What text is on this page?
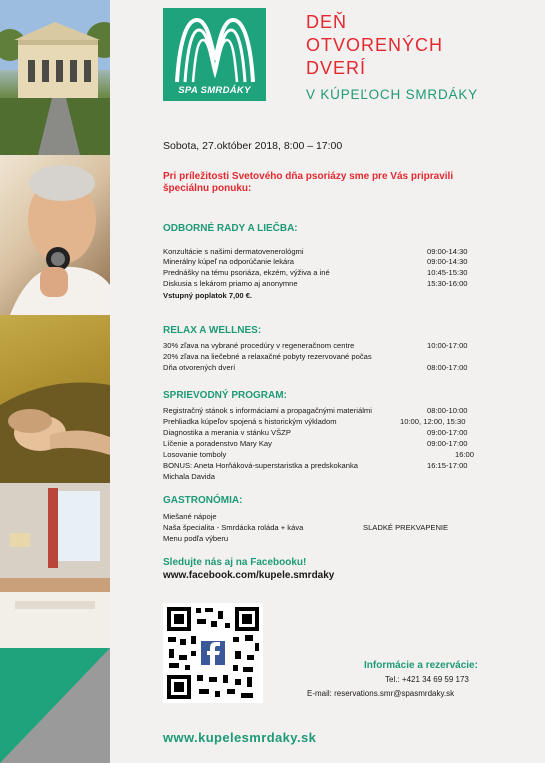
SPA SMRDÁKY
DEŇ
OTVORENÝCH
DVERÍ
V KÚPEĽOCH SMRDÁKY
Sobota, 27.október 2018, 8:00 – 17:00
Pri príležitosti Svetového dňa psoriázy sme pre Vás pripravili špeciálnu ponuku:
ODBORNÉ RADY A LIEČBA:
Konzultácie s našimi dermatovenerológmi	09:00-14:30
Minerálny kúpeľ na odporúčanie lekára	09:00-14:30
Prednášky na tému psoriáza, ekzém, výživa a iné	10:45-15:30
Diskusia s lekárom priamo aj anonymne	15:30-16:00
Vstupný poplatok 7,00 €.
RELAX A WELLNES:
30% zľava na vybrané procedúry v regeneračnom centre	10:00-17:00
20% zľava na liečebné a relaxačné pobyty rezervované počas
Dňa otvorených dverí	08:00-17:00
SPRIEVODNÝ PROGRAM:
Registračný stánok s informáciami a propagačnými materiálmi	08:00-10:00
Prehliadka kúpeľov spojená s historickým výkladom	10:00, 12:00, 15:30
Diagnostika a merania v stánku VŠZP	09:00-17:00
Líčenie a poradenstvo Mary Kay	09:00-17:00
Losovanie tomboly	16:00
BONUS: Aneta Horňáková-superstaristka a predskokanka	16:15-17:00
Michala Davida
GASTRONÓMIA:
Miešané nápoje
Naša špecialita - Smrdácka roláda + káva	SLADKÉ PREKVAPENIE
Menu podľa výberu
Sledujte nás aj na Facebooku!
www.facebook.com/kupele.smrdaky
Informácie a rezervácie:
Tel.: +421 34 69 59 173
E-mail: reservations.smr@spasmrdaky.sk
www.kupelesmrdaky.sk
